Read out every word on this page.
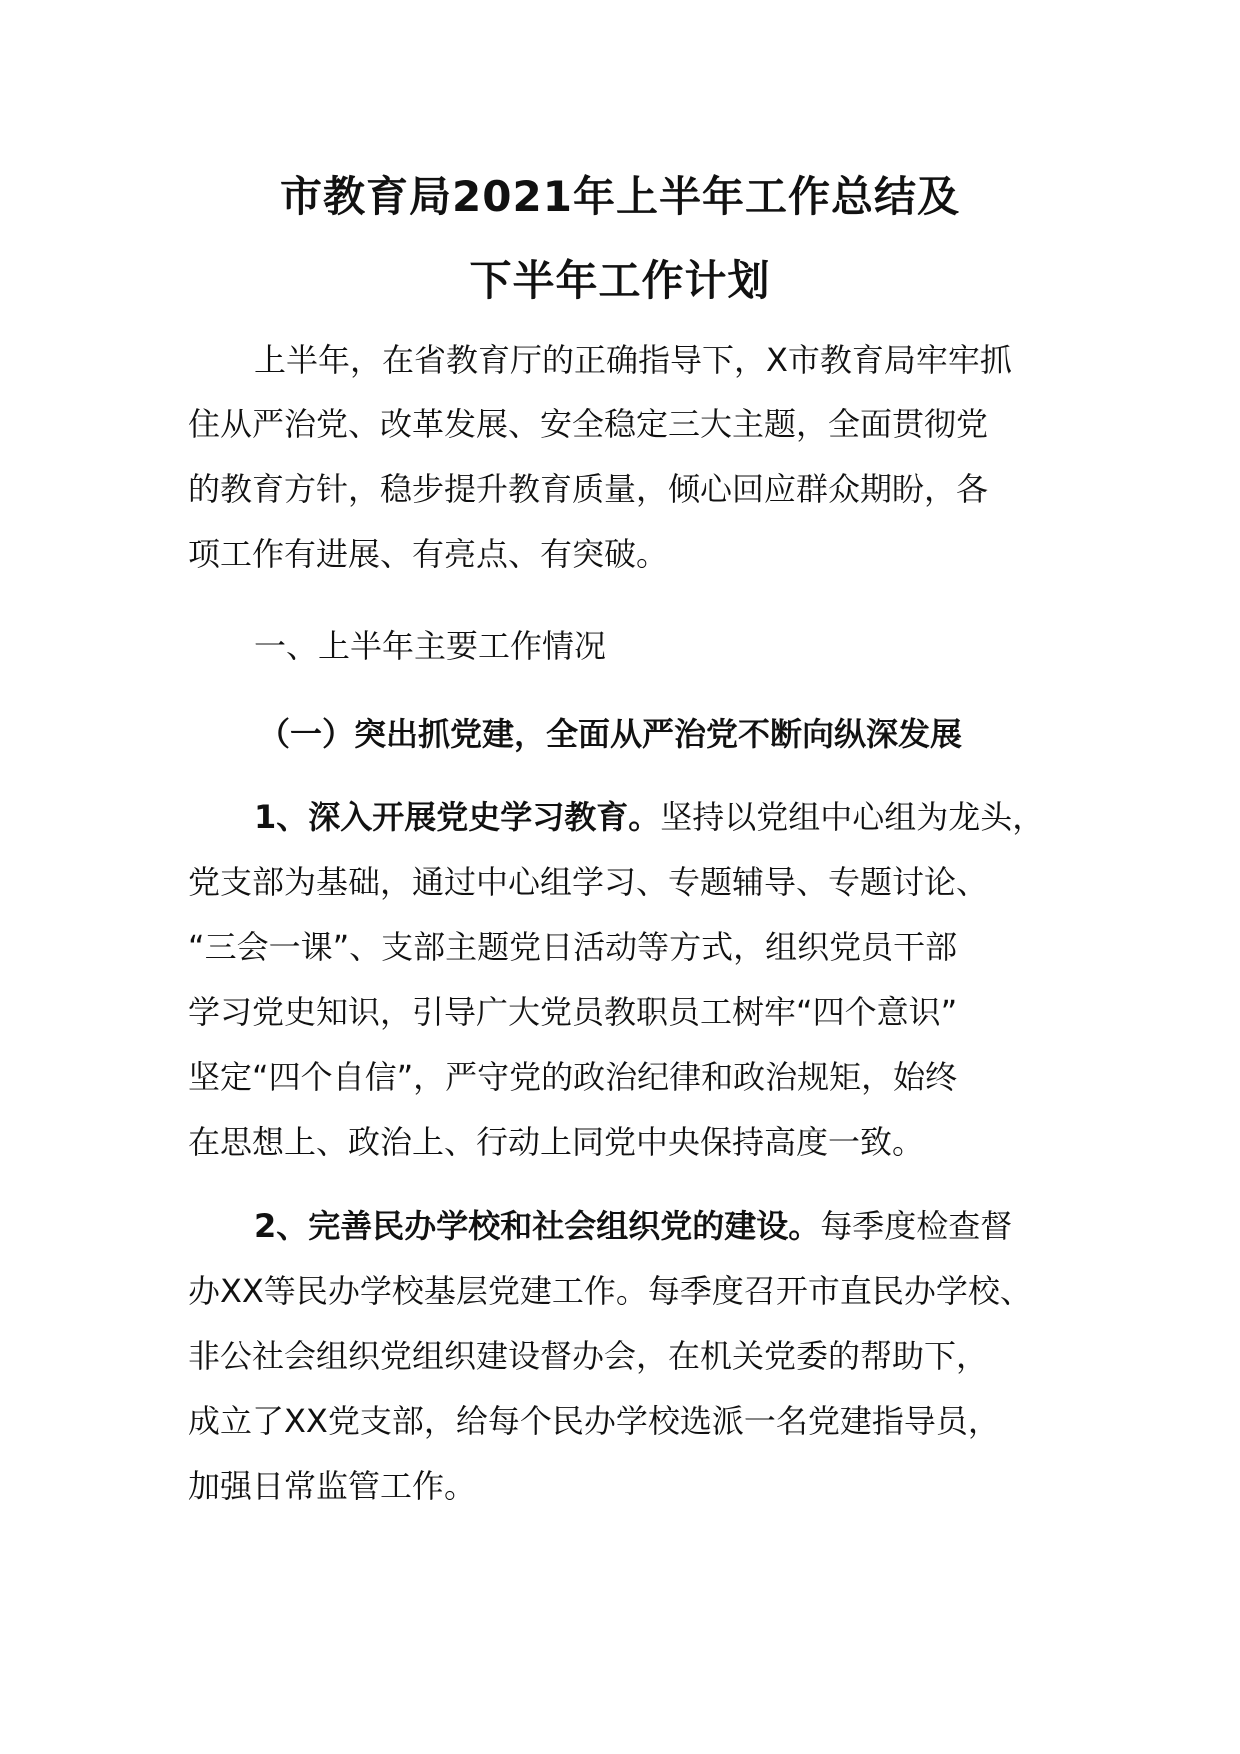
市教育局2021年上半年工作总结及
下半年工作计划
上半年，在省教育厅的正确指导下，X市教育局牢牢抓
住从严治党、改革发展、安全稳定三大主题，全面贯彻党
的教育方针，稳步提升教育质量，倾心回应群众期盼，各
项工作有进展、有亮点、有突破。
一、上半年主要工作情况
（一）突出抓党建，全面从严治党不断向纵深发展
1、深入开展党史学习教育。坚持以党组中心组为龙头，
党支部为基础，通过中心组学习、专题辅导、专题讨论、
“三会一课”、支部主题党日活动等方式，组织党员干部
学习党史知识，引导广大党员教职员工树牢“四个意识”
坚定“四个自信”，严守党的政治纪律和政治规矩，始终
在思想上、政治上、行动上同党中央保持高度一致。
2、完善民办学校和社会组织党的建设。每季度检查督
办XX等民办学校基层党建工作。每季度召开市直民办学校、
非公社会组织党组织建设督办会，在机关党委的帮助下，
成立了XX党支部，给每个民办学校选派一名党建指导员，
加强日常监管工作。
